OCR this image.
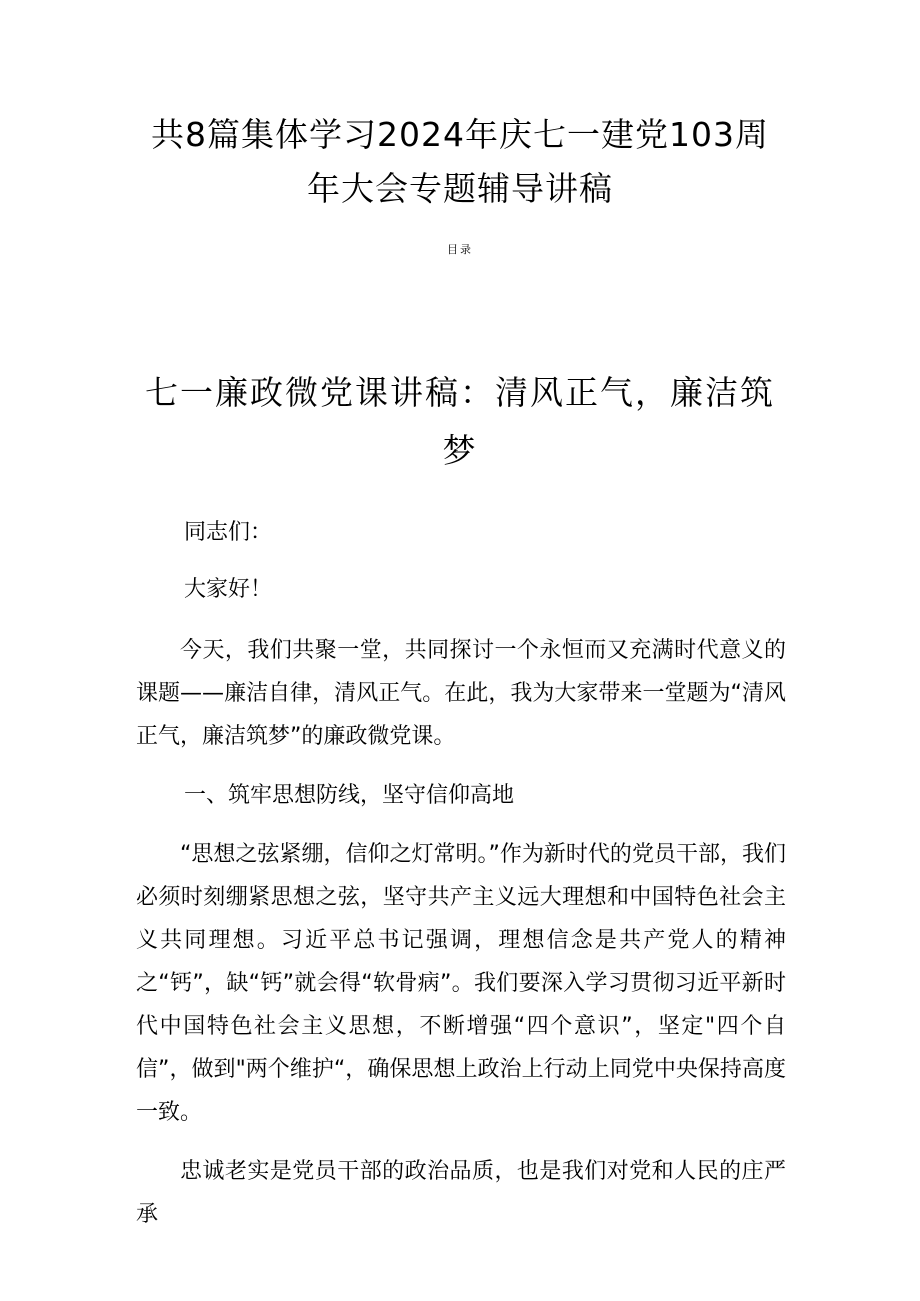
共8篇集体学习2024年庆七一建党103周
年大会专题辅导讲稿
目录
七一廉政微党课讲稿：清风正气，廉洁筑
梦

同志们：

大家好！

今天，我们共聚一堂，共同探讨一个永恒而又充满时代意义的课题——廉洁自律，清风正气。在此，我为大家带来一堂题为“清风正气，廉洁筑梦”的廉政微党课。

一、筑牢思想防线，坚守信仰高地

“思想之弦紧绷，信仰之灯常明。”作为新时代的党员干部，我们必须时刻绷紧思想之弦，坚守共产主义远大理想和中国特色社会主义共同理想。习近平总书记强调，理想信念是共产党人的精神之“钙”，缺“钙”就会得“软骨病”。我们要深入学习贯彻习近平新时代中国特色社会主义思想，不断增强“四个意识”，坚定"四个自信”，做到"两个维护“，确保思想上政治上行动上同党中央保持高度一致。

忠诚老实是党员干部的政治品质，也是我们对党和人民的庄严承
